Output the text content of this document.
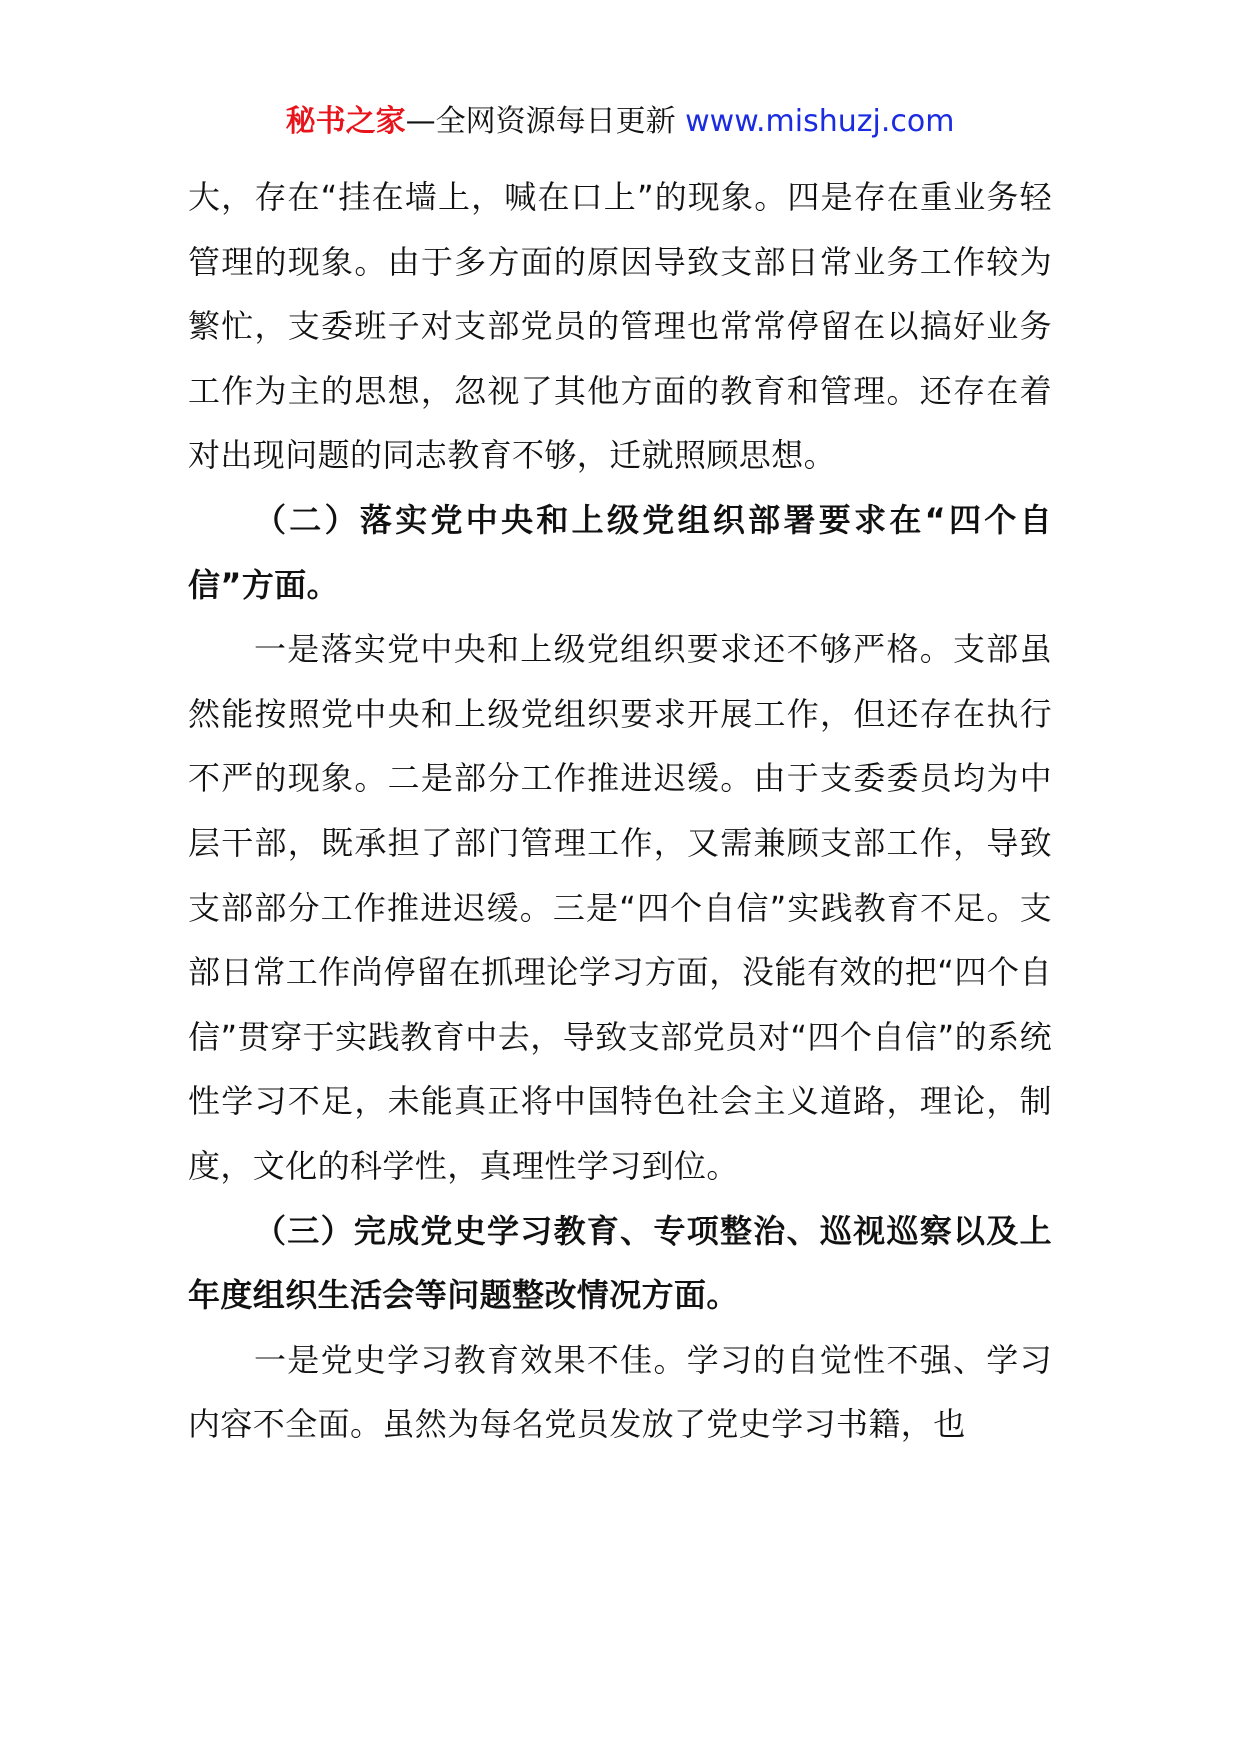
秘书之家—全网资源每日更新 www.mishuzj.com

大，存在“挂在墙上，喊在口上”的现象。四是存在重业务轻管理的现象。由于多方面的原因导致支部日常业务工作较为繁忙，支委班子对支部党员的管理也常常停留在以搞好业务工作为主的思想，忽视了其他方面的教育和管理。还存在着对出现问题的同志教育不够，迁就照顾思想。

（二）落实党中央和上级党组织部署要求在“四个自信”方面。

一是落实党中央和上级党组织要求还不够严格。支部虽然能按照党中央和上级党组织要求开展工作，但还存在执行不严的现象。二是部分工作推进迟缓。由于支委委员均为中层干部，既承担了部门管理工作，又需兼顾支部工作，导致支部部分工作推进迟缓。三是“四个自信”实践教育不足。支部日常工作尚停留在抓理论学习方面，没能有效的把“四个自信”贯穿于实践教育中去，导致支部党员对“四个自信”的系统性学习不足，未能真正将中国特色社会主义道路，理论，制度，文化的科学性，真理性学习到位。

（三）完成党史学习教育、专项整治、巡视巡察以及上年度组织生活会等问题整改情况方面。

一是党史学习教育效果不佳。学习的自觉性不强、学习内容不全面。虽然为每名党员发放了党史学习书籍，也
